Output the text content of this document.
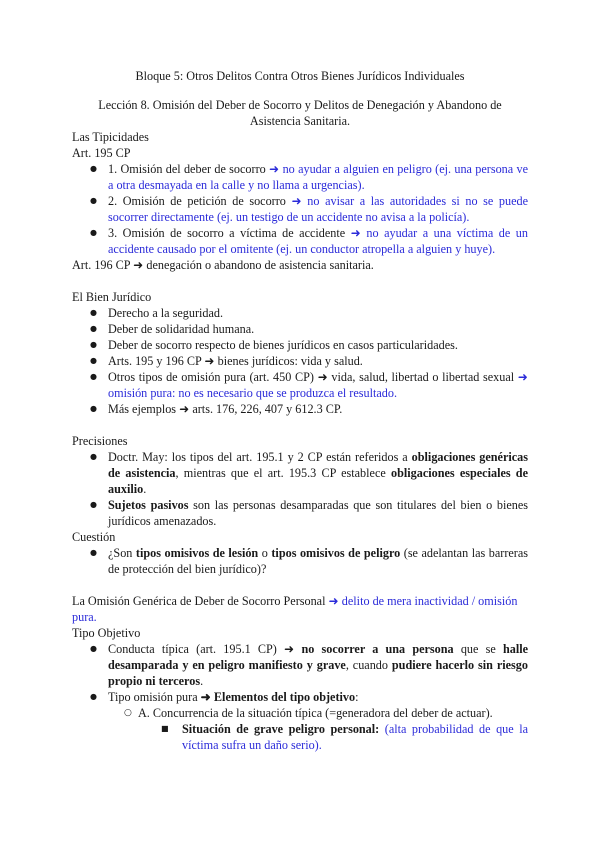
Bloque 5: Otros Delitos Contra Otros Bienes Jurídicos Individuales

Lección 8. Omisión del Deber de Socorro y Delitos de Denegación y Abandono de Asistencia Sanitaria.

Las Tipicidades

Art. 195 CP

● 1. Omisión del deber de socorro ➜ no ayudar a alguien en peligro (ej. una persona ve a otra desmayada en la calle y no llama a urgencias).
● 2. Omisión de petición de socorro ➜ no avisar a las autoridades si no se puede socorrer directamente (ej. un testigo de un accidente no avisa a la policía).
● 3. Omisión de socorro a víctima de accidente ➜ no ayudar a una víctima de un accidente causado por el omitente (ej. un conductor atropella a alguien y huye).

Art. 196 CP ➜ denegación o abandono de asistencia sanitaria.

El Bien Jurídico

● Derecho a la seguridad.
● Deber de solidaridad humana.
● Deber de socorro respecto de bienes jurídicos en casos particularidades.
● Arts. 195 y 196 CP ➜ bienes jurídicos: vida y salud.
● Otros tipos de omisión pura (art. 450 CP) ➜ vida, salud, libertad o libertad sexual ➜ omisión pura: no es necesario que se produzca el resultado.
● Más ejemplos ➜ arts. 176, 226, 407 y 612.3 CP.

Precisiones

● Doctr. May: los tipos del art. 195.1 y 2 CP están referidos a obligaciones genéricas de asistencia, mientras que el art. 195.3 CP establece obligaciones especiales de auxilio.
● Sujetos pasivos son las personas desamparadas que son titulares del bien o bienes jurídicos amenazados.

Cuestión

● ¿Son tipos omisivos de lesión o tipos omisivos de peligro (se adelantan las barreras de protección del bien jurídico)?

La Omisión Genérica de Deber de Socorro Personal ➜ delito de mera inactividad / omisión pura.

Tipo Objetivo

● Conducta típica (art. 195.1 CP) ➜ no socorrer a una persona que se halle desamparada y en peligro manifiesto y grave, cuando pudiere hacerlo sin riesgo propio ni terceros.
● Tipo omisión pura ➜ Elementos del tipo objetivo:
○ A. Concurrencia de la situación típica (=generadora del deber de actuar).
■ Situación de grave peligro personal: (alta probabilidad de que la víctima sufra un daño serio).
